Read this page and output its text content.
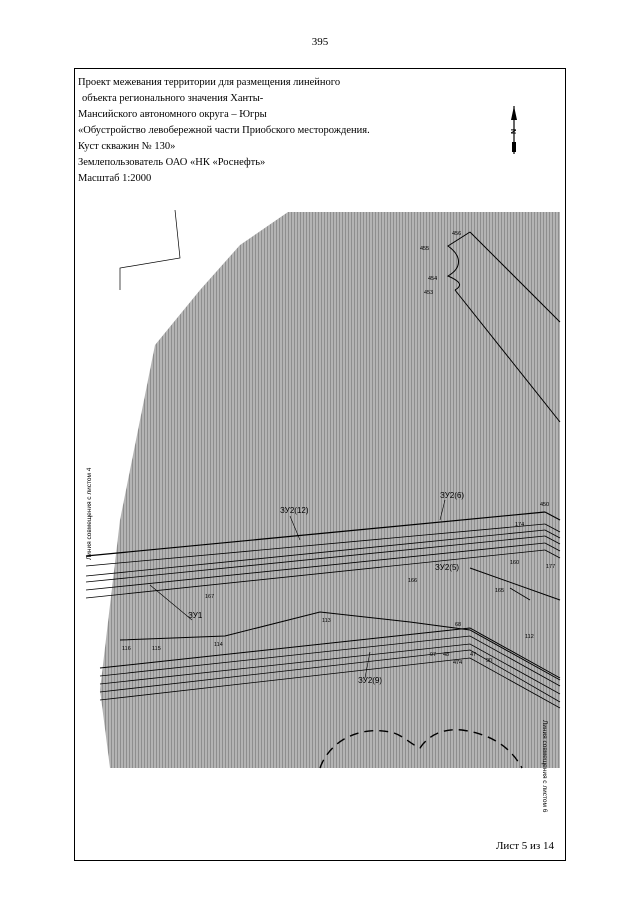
395
Проект межевания территории для размещения линейного
объекта регионального значения Ханты-
Мансийского автономного округа – Югры
«Обустройство левобережной части Приобского месторождения.
Куст скважин № 130»
Землепользователь ОАО «НК «Роснефть»
Масштаб 1:2000
N
ЗУ2(6)
ЗУ2(12)
ЗУ2(5)
ЗУ1
ЗУ2(9)
456
455
454
453
450
174
160
177
166
165
167
113
68
112
116	115
114
97 48	47
474	90
Линия совмещения с листом 4
Линия совмещения с листом 6
Лист 5 из 14
